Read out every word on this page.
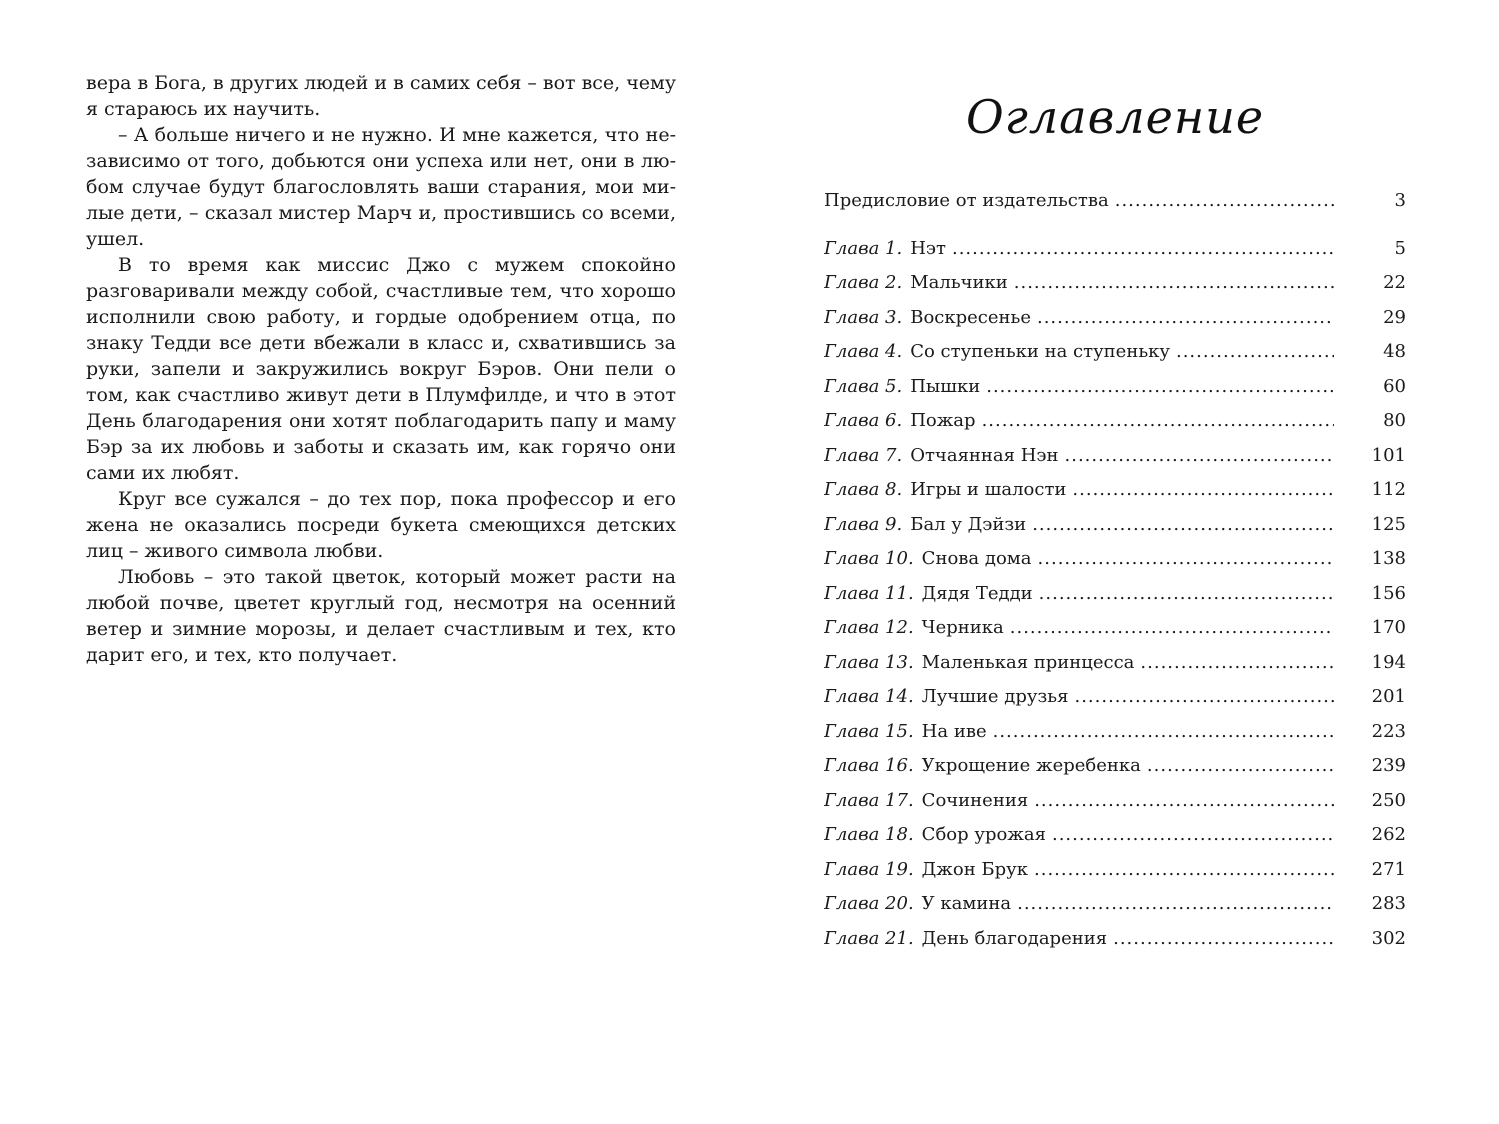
вера в Бога, в других людей и в самих себя – вот все, чему я стараюсь их научить.

– А больше ничего и не нужно. И мне кажется, что независимо от того, добьются они успеха или нет, они в любом случае будут благословлять ваши старания, мои милые дети, – сказал мистер Марч и, простившись со всеми, ушел.

В то время как миссис Джо с мужем спокойно разговаривали между собой, счастливые тем, что хорошо исполнили свою работу, и гордые одобрением отца, по знаку Тедди все дети вбежали в класс и, схватившись за руки, запели и закружились вокруг Бэров. Они пели о том, как счастливо живут дети в Плумфилде, и что в этот День благодарения они хотят поблагодарить папу и маму Бэр за их любовь и заботы и сказать им, как горячо они сами их любят.

Круг все сужался – до тех пор, пока профессор и его жена не оказались посреди букета смеющихся детских лиц – живого символа любви.

Любовь – это такой цветок, который может расти на любой почве, цветет круглый год, несмотря на осенний ветер и зимние морозы, и делает счастливым и тех, кто дарит его, и тех, кто получает.

Оглавление
Предисловие от издательства .....	3
Глава 1. Нэт .....	5
Глава 2. Мальчики .....	22
Глава 3. Воскресенье .....	29
Глава 4. Со ступеньки на ступеньку .....	48
Глава 5. Пышки .....	60
Глава 6. Пожар .....	80
Глава 7. Отчаянная Нэн .....	101
Глава 8. Игры и шалости .....	112
Глава 9. Бал у Дэйзи .....	125
Глава 10. Снова дома .....	138
Глава 11. Дядя Тедди .....	156
Глава 12. Черника .....	170
Глава 13. Маленькая принцесса .....	194
Глава 14. Лучшие друзья .....	201
Глава 15. На иве .....	223
Глава 16. Укрощение жеребенка .....	239
Глава 17. Сочинения .....	250
Глава 18. Сбор урожая .....	262
Глава 19. Джон Брук .....	271
Глава 20. У камина .....	283
Глава 21. День благодарения .....	302
